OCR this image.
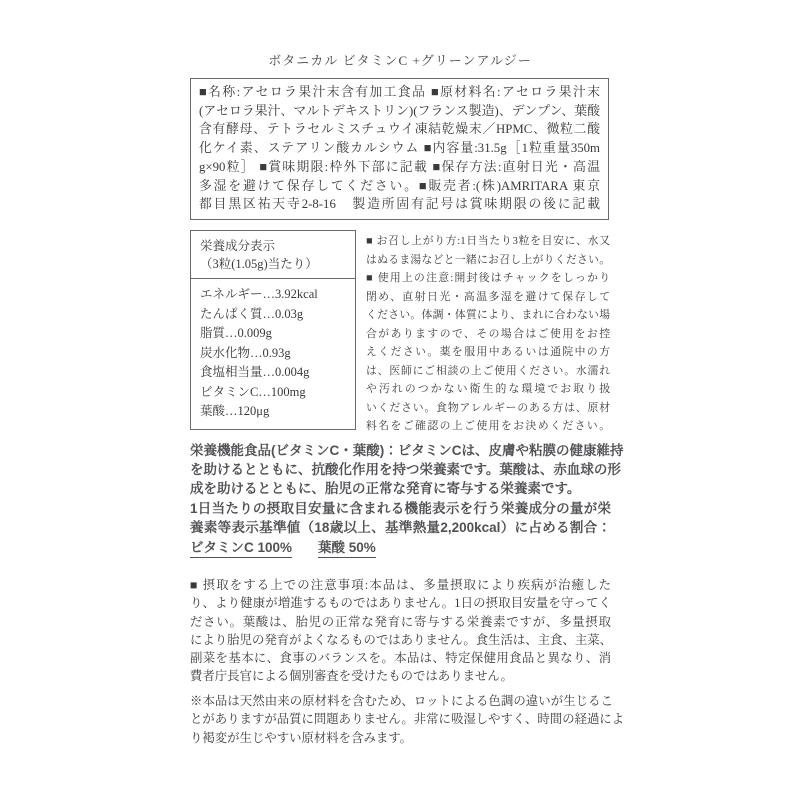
ボタニカル ビタミンC +グリーンアルジー
■名称:アセロラ果汁末含有加工食品 ■原材料名:アセロラ果汁末
(アセロラ果汁、マルトデキストリン)(フランス製造)、デンプン、葉酸
含有酵母、テトラセルミスチュウイ凍結乾燥末／HPMC、微粒二酸
化ケイ素、ステアリン酸カルシウム ■内容量:31.5g［1粒重量350m
g×90粒］ ■賞味期限:枠外下部に記載 ■保存方法:直射日光・高温
多湿を避けて保存してください。■販売者:(株)AMRITARA 東京
都目黒区祐天寺2-8-16　製造所固有記号は賞味期限の後に記載
栄養成分表示
（3粒(1.05g)当たり）
エネルギー…3.92kcal
たんぱく質…0.03g
脂質…0.009g
炭水化物…0.93g
食塩相当量…0.004g
ビタミンC…100mg
葉酸…120μg
■ お召し上がり方:1日当たり3粒を目安に、水又
はぬるま湯などと一緒にお召し上がりください。
■ 使用上の注意:開封後はチャックをしっかり
閉め、直射日光・高温多湿を避けて保存して
ください。体調・体質により、まれに合わない場
合がありますので、その場合はご使用をお控
えください。薬を服用中あるいは通院中の方
は、医師にご相談の上ご使用ください。水濡れ
や汚れのつかない衛生的な環境でお取り扱
いください。食物アレルギーのある方は、原材
料名をご確認の上ご使用をお決めください。
栄養機能食品(ビタミンC・葉酸)：ビタミンCは、皮膚や粘膜の健康維持
を助けるとともに、抗酸化作用を持つ栄養素です。葉酸は、赤血球の形
成を助けるとともに、胎児の正常な発育に寄与する栄養素です。
1日当たりの摂取目安量に含まれる機能表示を行う栄養成分の量が栄
養素等表示基準値（18歳以上、基準熱量2,200kcal）に占める割合：
ビタミンC 100% 葉酸 50%
■ 摂取をする上での注意事項:本品は、多量摂取により疾病が治癒した
り、より健康が増進するものではありません。1日の摂取目安量を守ってく
ださい。葉酸は、胎児の正常な発育に寄与する栄養素ですが、多量摂取
により胎児の発育がよくなるものではありません。食生活は、主食、主菜、
副菜を基本に、食事のバランスを。本品は、特定保健用食品と異なり、消
費者庁長官による個別審査を受けたものではありません。
※本品は天然由来の原材料を含むため、ロットによる色調の違いが生じるこ
とがありますが品質に問題ありません。非常に吸湿しやすく、時間の経過によ
り褐変が生じやすい原材料を含みます。
